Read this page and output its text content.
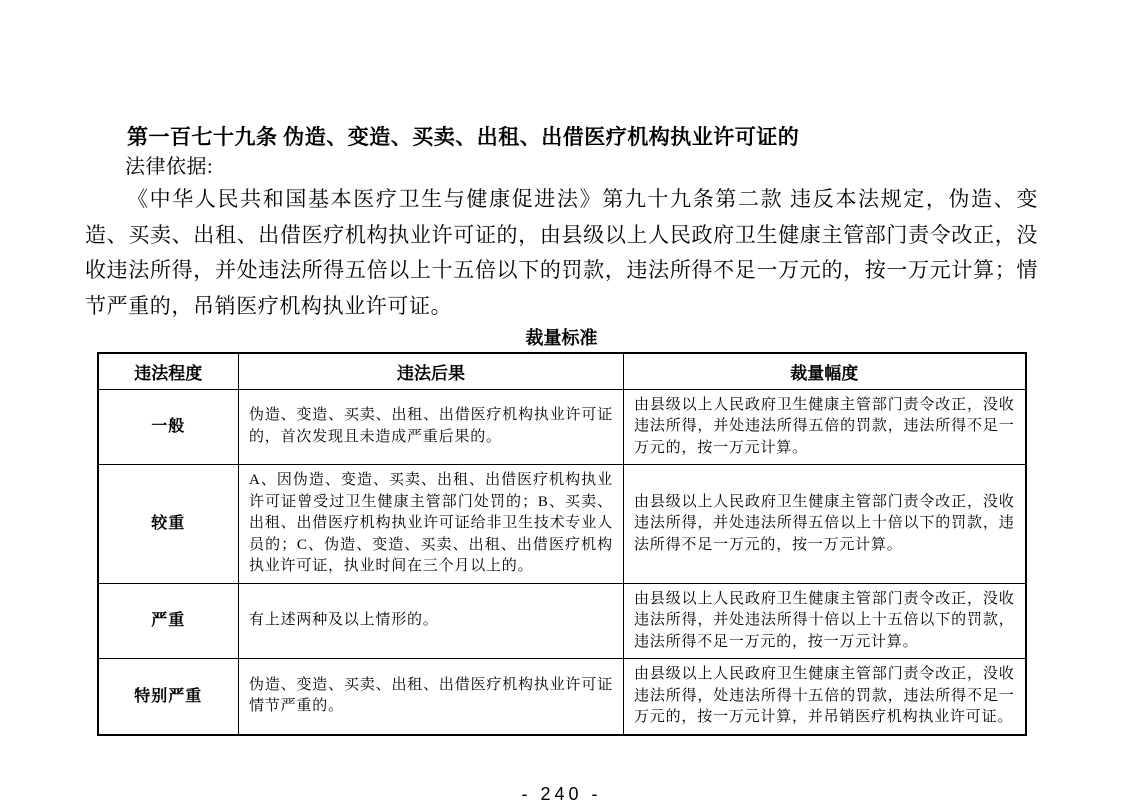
第一百七十九条 伪造、变造、买卖、出租、出借医疗机构执业许可证的
法律依据:
《中华人民共和国基本医疗卫生与健康促进法》第九十九条第二款 违反本法规定，伪造、变造、买卖、出租、出借医疗机构执业许可证的，由县级以上人民政府卫生健康主管部门责令改正，没收违法所得，并处违法所得五倍以上十五倍以下的罚款，违法所得不足一万元的，按一万元计算；情节严重的，吊销医疗机构执业许可证。
裁量标准
违法程度	违法后果	裁量幅度
一般	伪造、变造、买卖、出租、出借医疗机构执业许可证的，首次发现且未造成严重后果的。	由县级以上人民政府卫生健康主管部门责令改正，没收违法所得，并处违法所得五倍的罚款，违法所得不足一万元的，按一万元计算。
较重	A、因伪造、变造、买卖、出租、出借医疗机构执业许可证曾受过卫生健康主管部门处罚的；B、买卖、出租、出借医疗机构执业许可证给非卫生技术专业人员的；C、伪造、变造、买卖、出租、出借医疗机构执业许可证，执业时间在三个月以上的。	由县级以上人民政府卫生健康主管部门责令改正，没收违法所得，并处违法所得五倍以上十倍以下的罚款，违法所得不足一万元的，按一万元计算。
严重	有上述两种及以上情形的。	由县级以上人民政府卫生健康主管部门责令改正，没收违法所得，并处违法所得十倍以上十五倍以下的罚款，违法所得不足一万元的，按一万元计算。
特别严重	伪造、变造、买卖、出租、出借医疗机构执业许可证情节严重的。	由县级以上人民政府卫生健康主管部门责令改正，没收违法所得，处违法所得十五倍的罚款，违法所得不足一万元的，按一万元计算，并吊销医疗机构执业许可证。
- 240 -
